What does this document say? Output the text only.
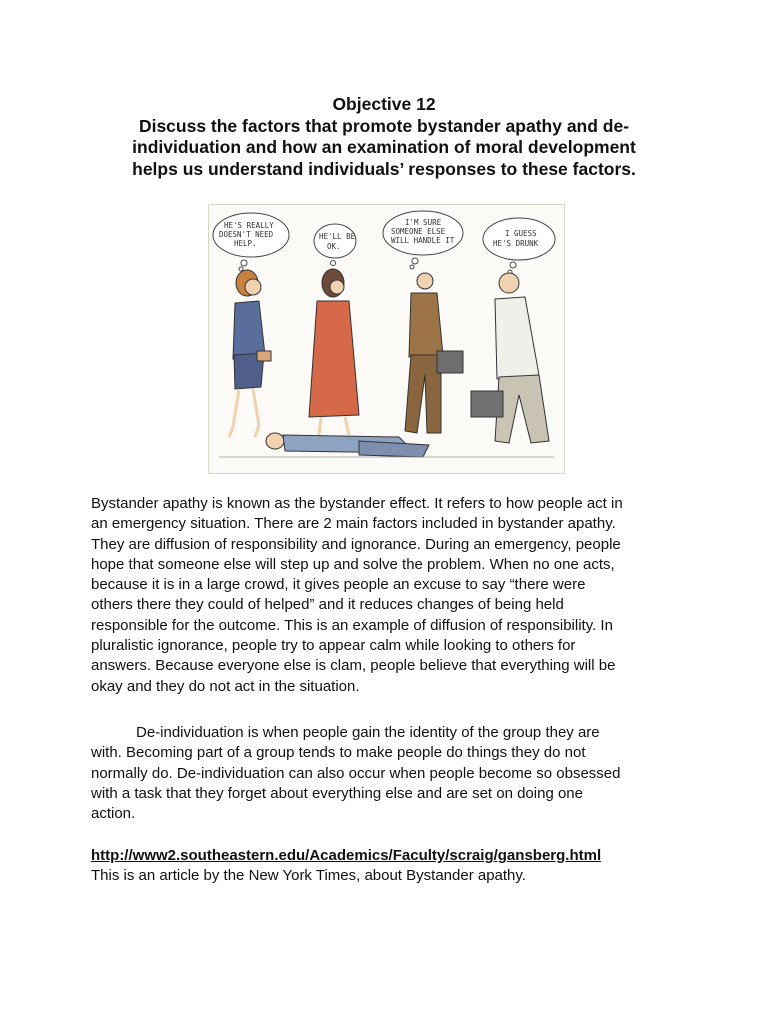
Objective 12
Discuss the factors that promote bystander apathy and de-
individuation and how an examination of moral development
helps us understand individuals’ responses to these factors.
HE'S REALLY
DOESN'T NEED
HELP.
HE'LL BE
OK.
I'M SURE
SOMEONE ELSE
WILL HANDLE IT
I GUESS
HE'S DRUNK
Bystander apathy is known as the bystander effect. It refers to how people act in
an emergency situation. There are 2 main factors included in bystander apathy.
They are diffusion of responsibility and ignorance. During an emergency, people
hope that someone else will step up and solve the problem. When no one acts,
because it is in a large crowd, it gives people an excuse to say “there were
others there they could of helped” and it reduces changes of being held
responsible for the outcome. This is an example of diffusion of responsibility. In
pluralistic ignorance, people try to appear calm while looking to others for
answers. Because everyone else is clam, people believe that everything will be
okay and they do not act in the situation.
De-individuation is when people gain the identity of the group they are
with. Becoming part of a group tends to make people do things they do not
normally do. De-individuation can also occur when people become so obsessed
with a task that they forget about everything else and are set on doing one
action.
http://www2.southeastern.edu/Academics/Faculty/scraig/gansberg.html
This is an article by the New York Times, about Bystander apathy.
